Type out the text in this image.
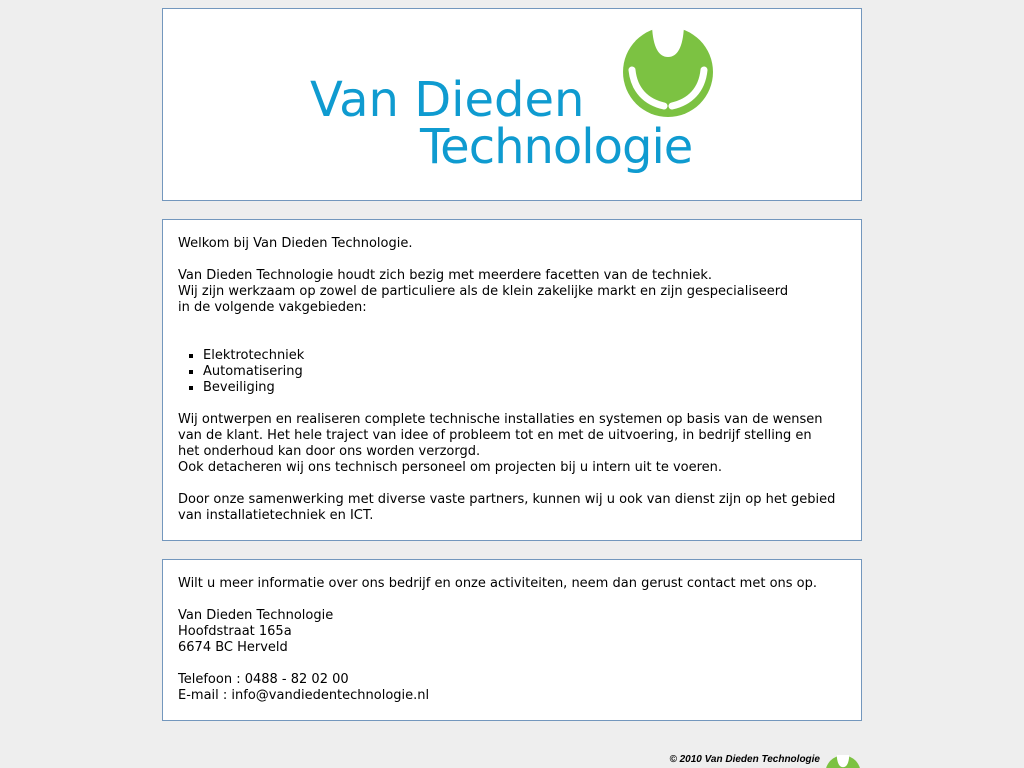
Van Dieden
Technologie

Welkom bij Van Dieden Technologie.

Van Dieden Technologie houdt zich bezig met meerdere facetten van de techniek.
Wij zijn werkzaam op zowel de particuliere als de klein zakelijke markt en zijn gespecialiseerd
in de volgende vakgebieden:

▪ Elektrotechniek
▪ Automatisering
▪ Beveiliging

Wij ontwerpen en realiseren complete technische installaties en systemen op basis van de wensen
van de klant. Het hele traject van idee of probleem tot en met de uitvoering, in bedrijf stelling en
het onderhoud kan door ons worden verzorgd.
Ook detacheren wij ons technisch personeel om projecten bij u intern uit te voeren.

Door onze samenwerking met diverse vaste partners, kunnen wij u ook van dienst zijn op het gebied
van installatietechniek en ICT.

Wilt u meer informatie over ons bedrijf en onze activiteiten, neem dan gerust contact met ons op.

Van Dieden Technologie
Hoofdstraat 165a
6674 BC Herveld

Telefoon : 0488 - 82 02 00
E-mail : info@vandiedentechnologie.nl

© 2010 Van Dieden Technologie
